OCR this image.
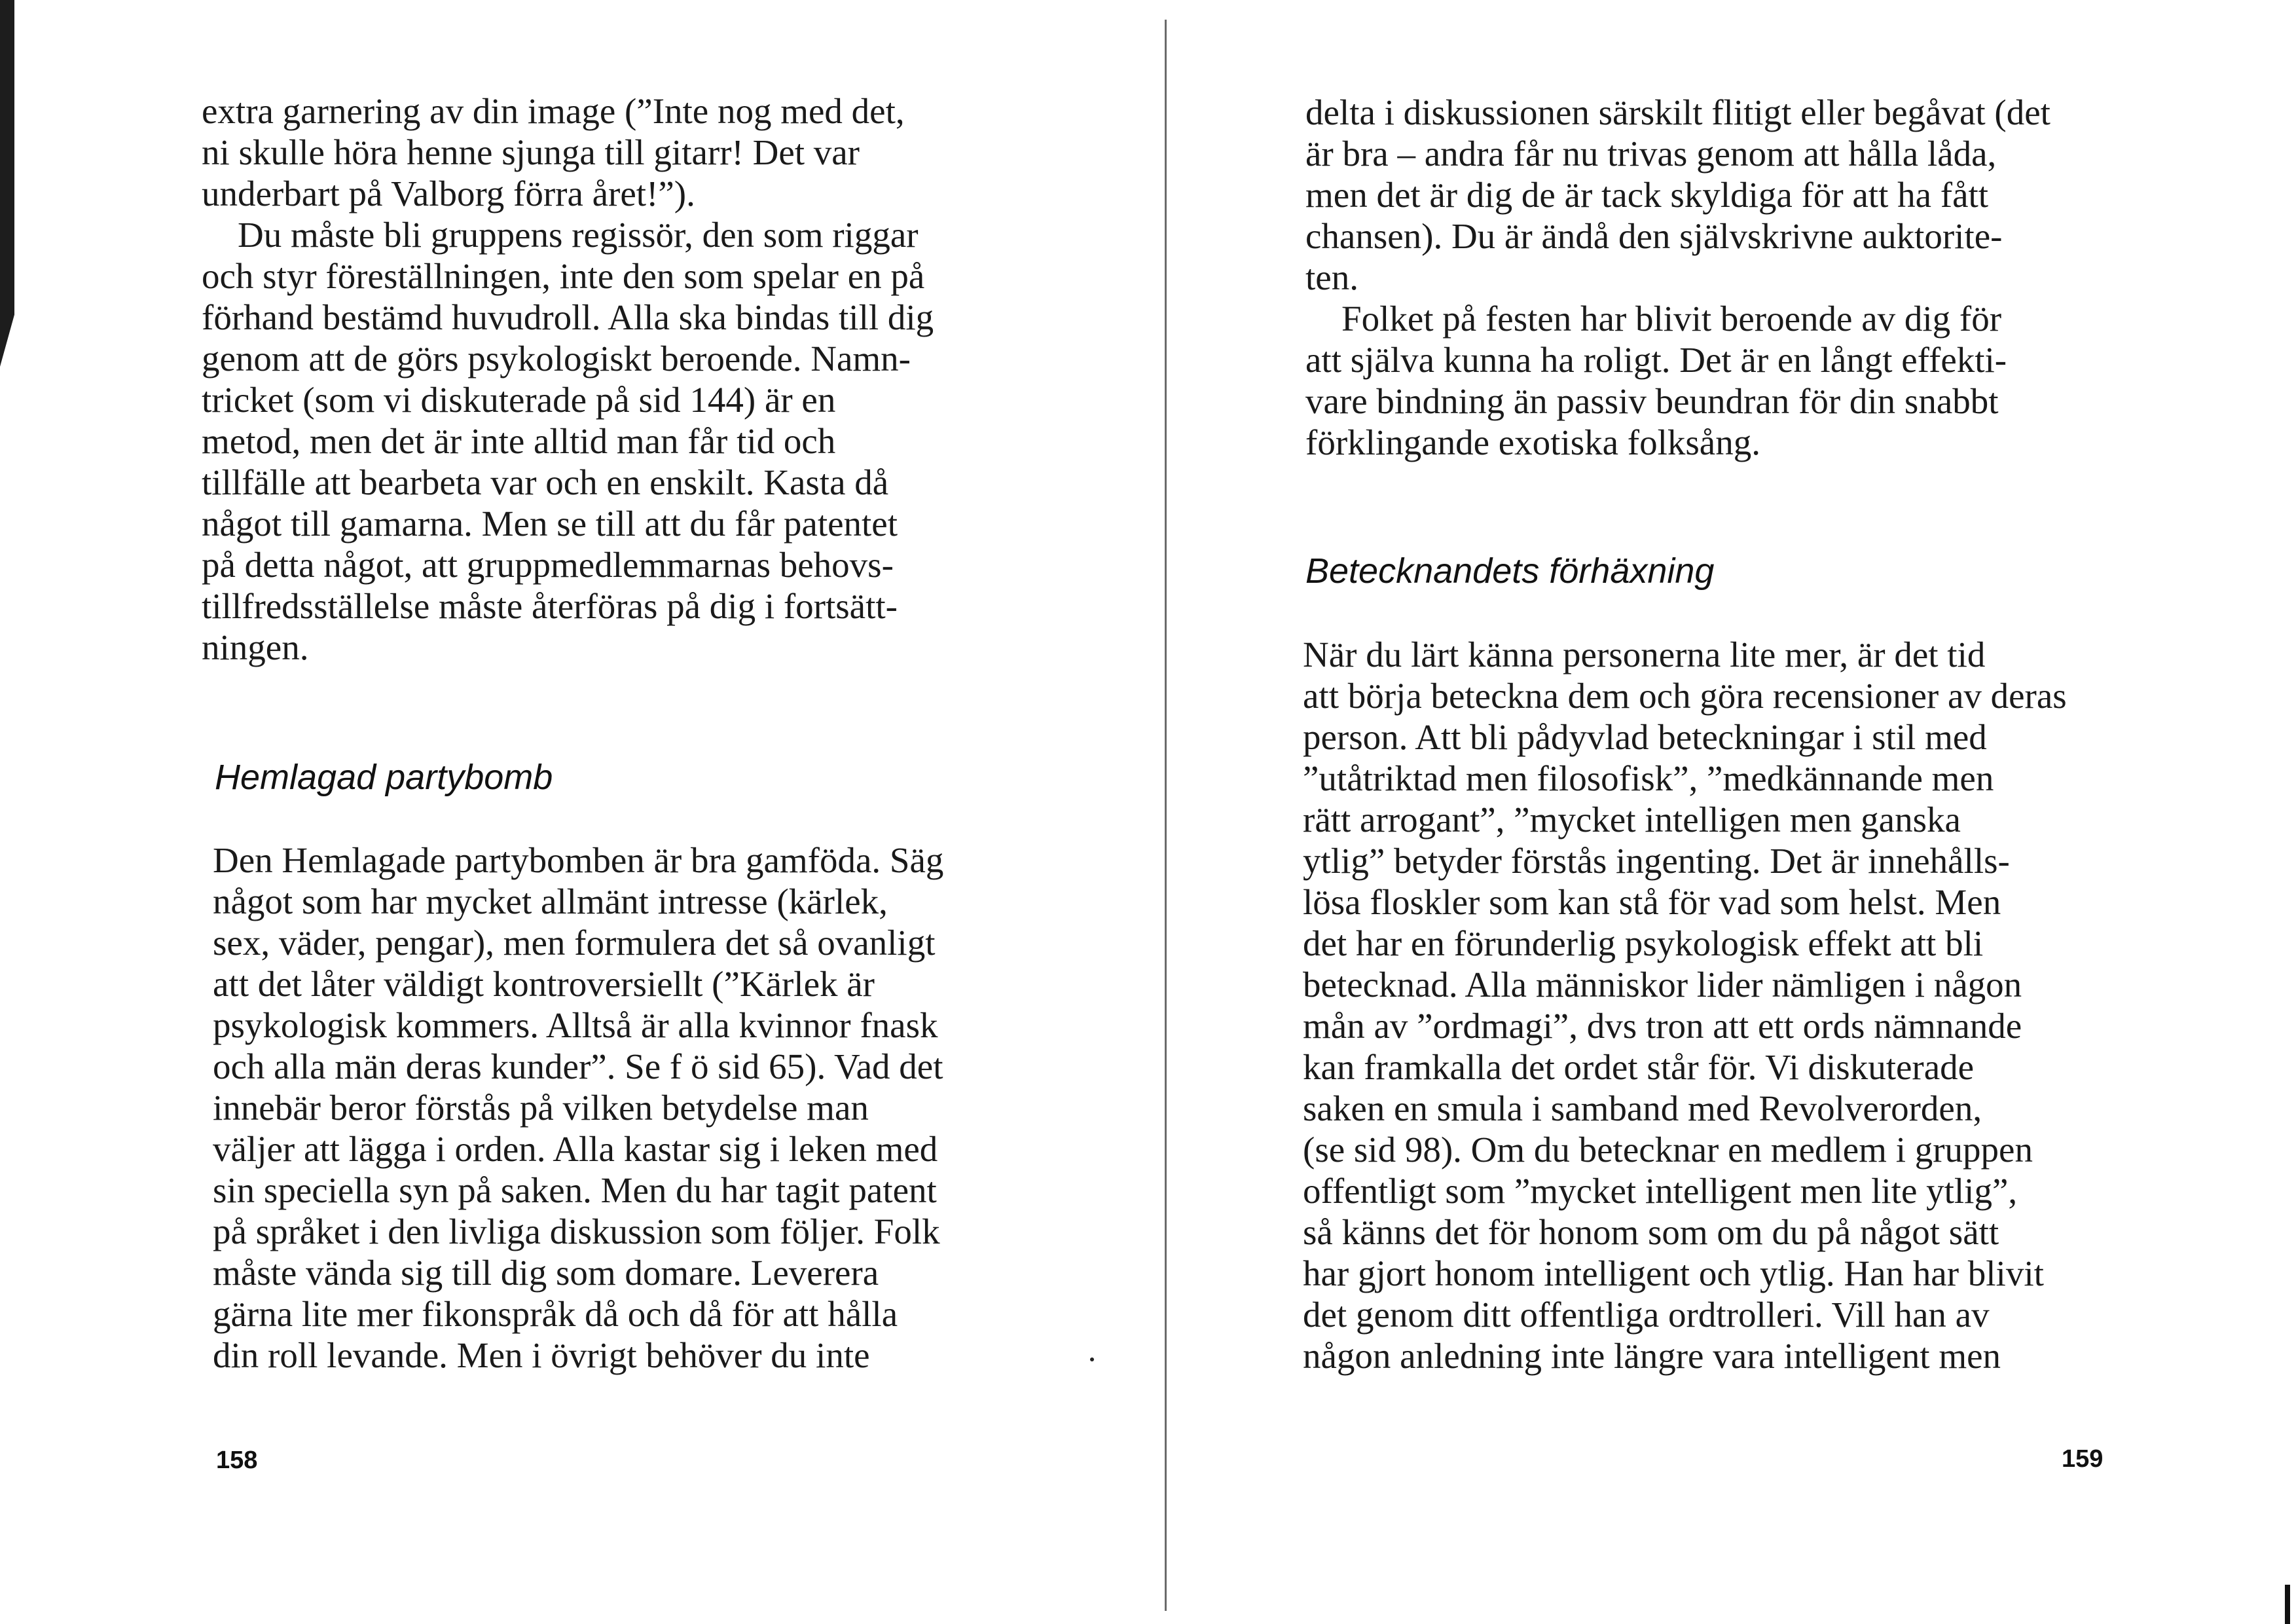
extra garnering av din image (”Inte nog med det,
ni skulle höra henne sjunga till gitarr! Det var
underbart på Valborg förra året!”).
Du måste bli gruppens regissör, den som riggar
och styr föreställningen, inte den som spelar en på
förhand bestämd huvudroll. Alla ska bindas till dig
genom att de görs psykologiskt beroende. Namn-
tricket (som vi diskuterade på sid 144) är en
metod, men det är inte alltid man får tid och
tillfälle att bearbeta var och en enskilt. Kasta då
något till gamarna. Men se till att du får patentet
på detta något, att gruppmedlemmarnas behovs-
tillfredsställelse måste återföras på dig i fortsätt-
ningen.
Hemlagad partybomb
Den Hemlagade partybomben är bra gamföda. Säg
något som har mycket allmänt intresse (kärlek,
sex, väder, pengar), men formulera det så ovanligt
att det låter väldigt kontroversiellt (”Kärlek är
psykologisk kommers. Alltså är alla kvinnor fnask
och alla män deras kunder”. Se f ö sid 65). Vad det
innebär beror förstås på vilken betydelse man
väljer att lägga i orden. Alla kastar sig i leken med
sin speciella syn på saken. Men du har tagit patent
på språket i den livliga diskussion som följer. Folk
måste vända sig till dig som domare. Leverera
gärna lite mer fikonspråk då och då för att hålla
din roll levande. Men i övrigt behöver du inte
158
delta i diskussionen särskilt flitigt eller begåvat (det
är bra – andra får nu trivas genom att hålla låda,
men det är dig de är tack skyldiga för att ha fått
chansen). Du är ändå den självskrivne auktorite-
ten.
Folket på festen har blivit beroende av dig för
att själva kunna ha roligt. Det är en långt effekti-
vare bindning än passiv beundran för din snabbt
förklingande exotiska folksång.
Betecknandets förhäxning
När du lärt känna personerna lite mer, är det tid
att börja beteckna dem och göra recensioner av deras
person. Att bli pådyvlad beteckningar i stil med
”utåtriktad men filosofisk”, ”medkännande men
rätt arrogant”, ”mycket intelligen men ganska
ytlig” betyder förstås ingenting. Det är innehålls-
lösa floskler som kan stå för vad som helst. Men
det har en förunderlig psykologisk effekt att bli
betecknad. Alla människor lider nämligen i någon
mån av ”ordmagi”, dvs tron att ett ords nämnande
kan framkalla det ordet står för. Vi diskuterade
saken en smula i samband med Revolverorden,
(se sid 98). Om du betecknar en medlem i gruppen
offentligt som ”mycket intelligent men lite ytlig”,
så känns det för honom som om du på något sätt
har gjort honom intelligent och ytlig. Han har blivit
det genom ditt offentliga ordtrolleri. Vill han av
någon anledning inte längre vara intelligent men
159
